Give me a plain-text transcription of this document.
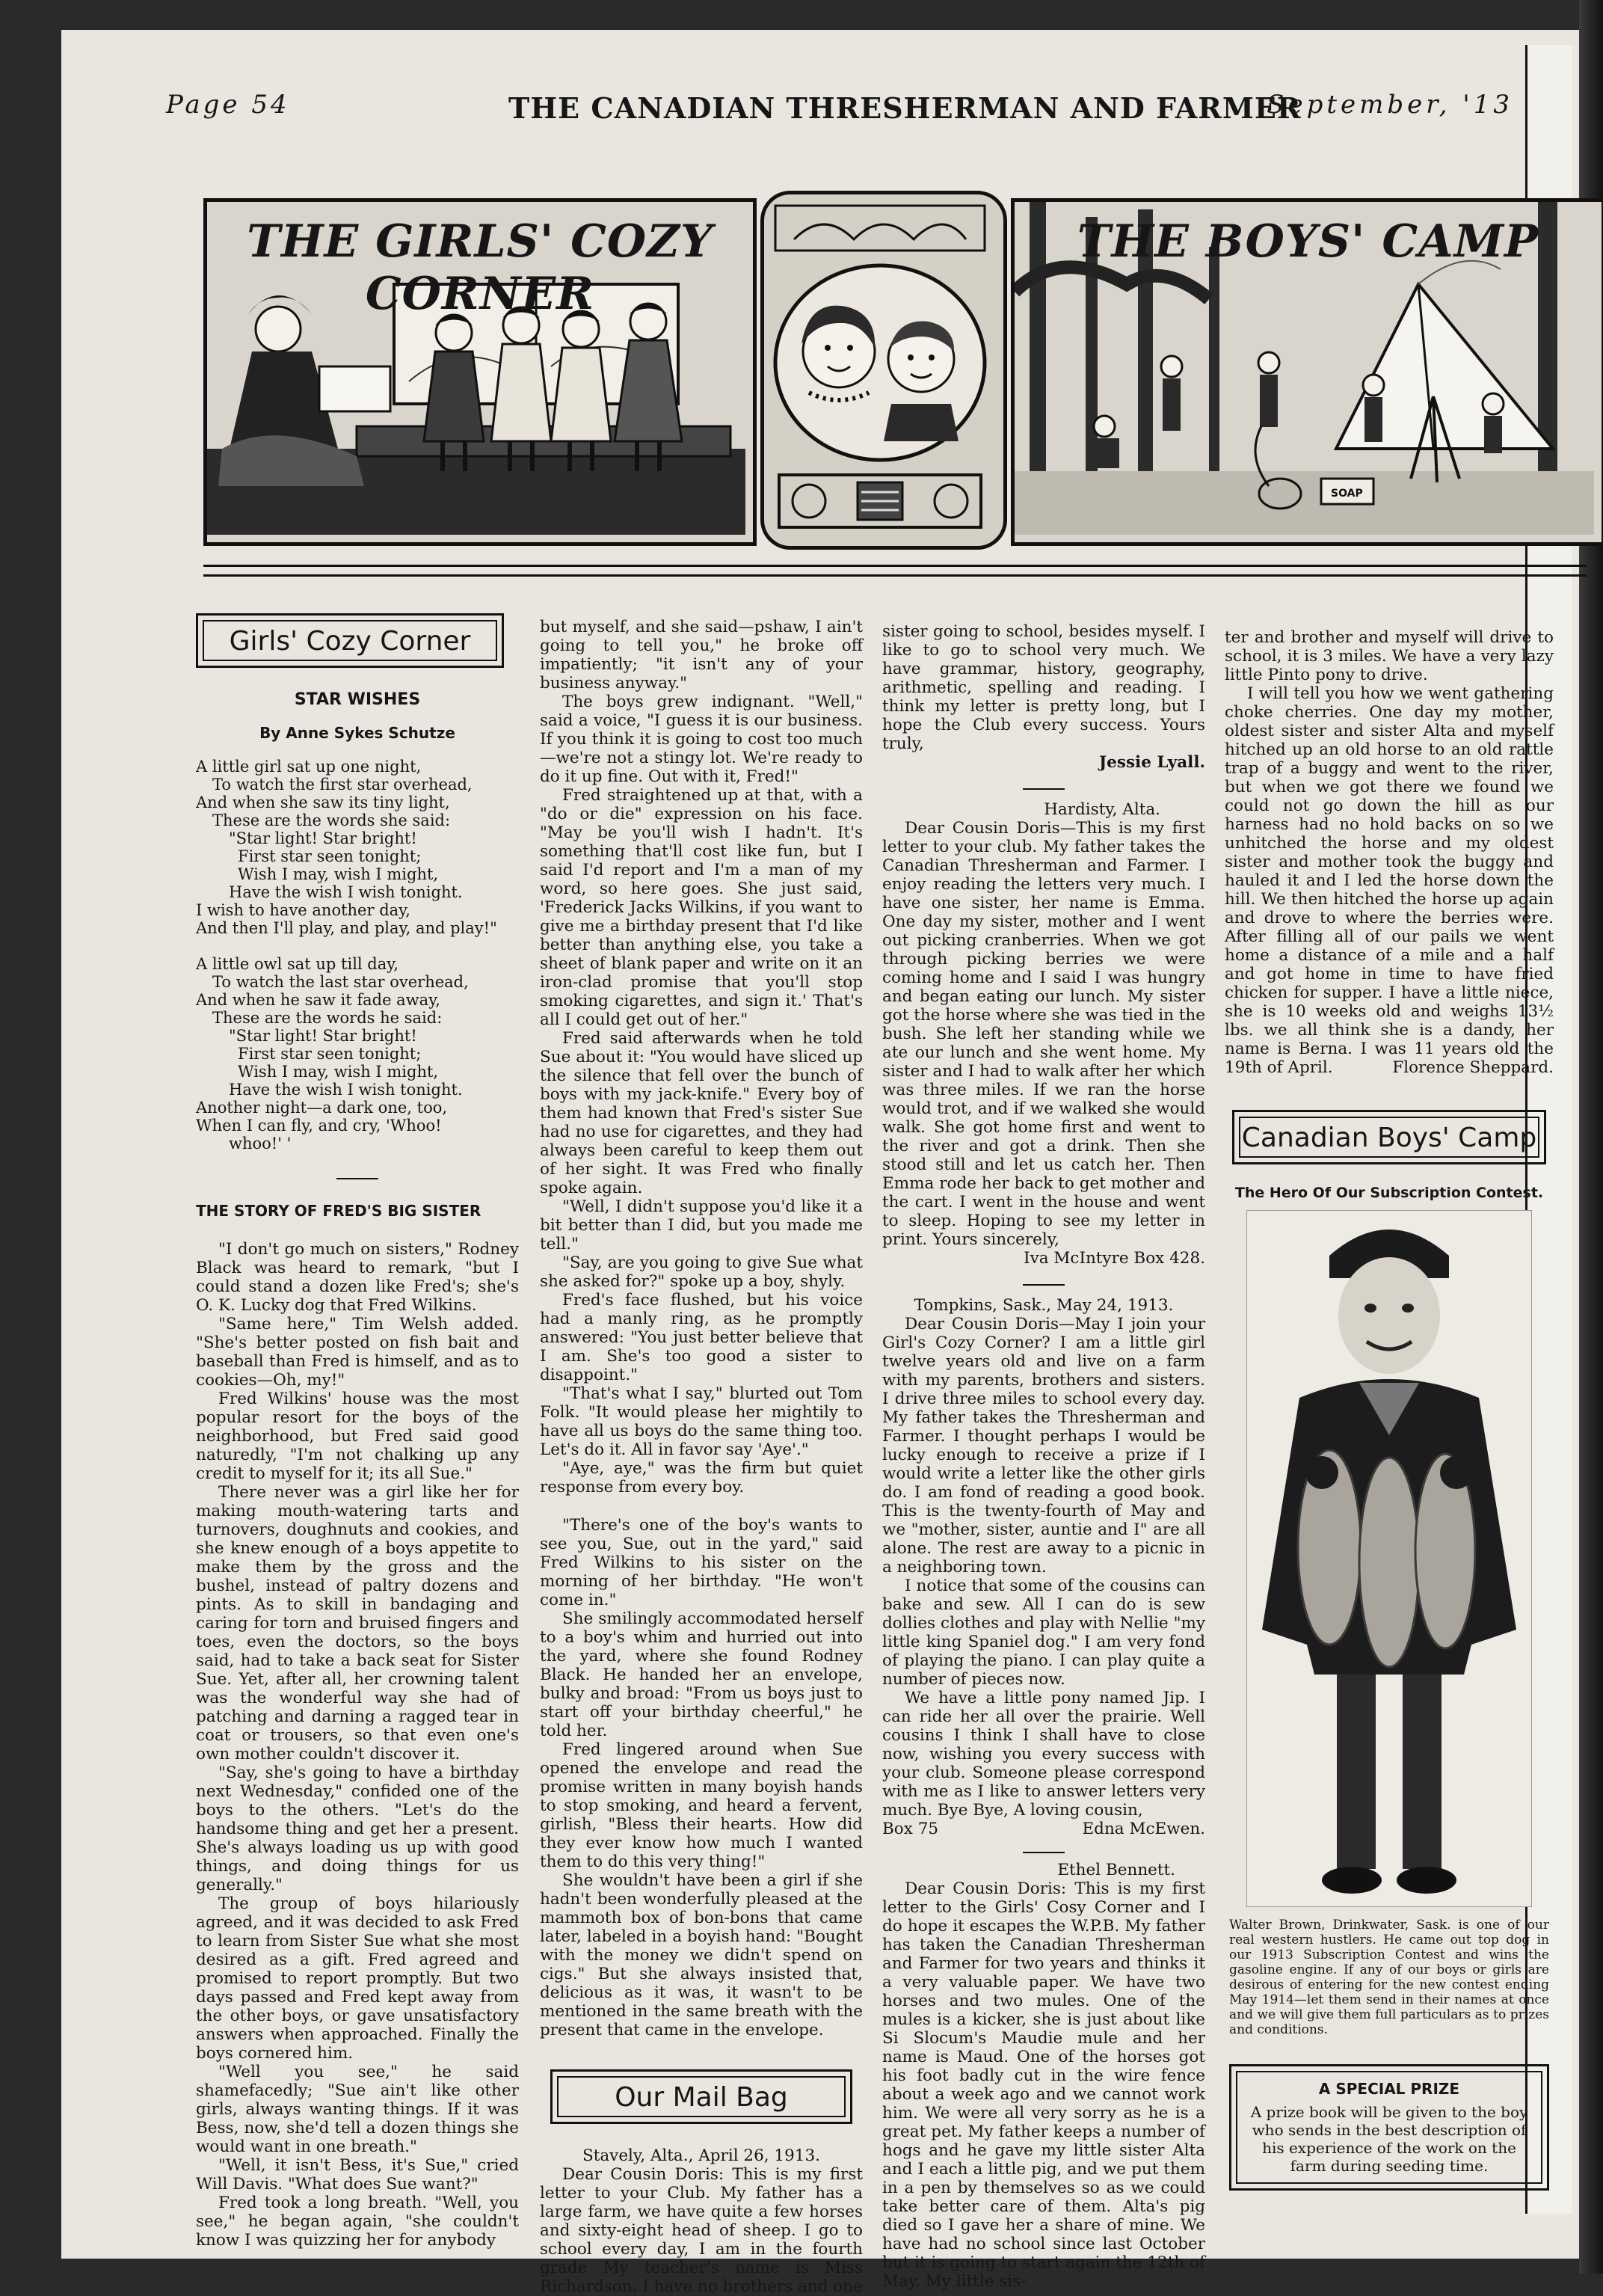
Page 54	THE CANADIAN THRESHERMAN AND FARMER
September, '13
THE GIRLS' COZY CORNER
THE BOYS' CAMP
SOAP
Girls' Cozy Corner
STAR WISHES
By Anne Sykes Schutze
A little girl sat up one night,
To watch the first star overhead,
And when she saw its tiny light,
These are the words she said:
"Star light! Star bright!
First star seen tonight;
Wish I may, wish I might,
Have the wish I wish tonight.
I wish to have another day,
And then I'll play, and play, and play!"
A little owl sat up till day,
To watch the last star overhead,
And when he saw it fade away,
These are the words he said:
"Star light! Star bright!
First star seen tonight;
Wish I may, wish I might,
Have the wish I wish tonight.
Another night—a dark one, too,
When I can fly, and cry, 'Whoo!
whoo!' '
THE STORY OF FRED'S BIG SISTER

"I don't go much on sisters," Rodney Black was heard to remark, "but I could stand a dozen like Fred's; she's O. K. Lucky dog that Fred Wilkins.

"Same here," Tim Welsh added. "She's better posted on fish bait and baseball than Fred is himself, and as to cookies—Oh, my!"

Fred Wilkins' house was the most popular resort for the boys of the neighborhood, but Fred said good naturedly, "I'm not chalking up any credit to myself for it; its all Sue."

There never was a girl like her for making mouth-watering tarts and turnovers, doughnuts and cookies, and she knew enough of a boys appetite to make them by the gross and the bushel, instead of paltry dozens and pints. As to skill in bandaging and caring for torn and bruised fingers and toes, even the doctors, so the boys said, had to take a back seat for Sister Sue. Yet, after all, her crowning talent was the wonderful way she had of patching and darning a ragged tear in coat or trousers, so that even one's own mother couldn't discover it.

"Say, she's going to have a birthday next Wednesday," confided one of the boys to the others. "Let's do the handsome thing and get her a present. She's always loading us up with good things, and doing things for us generally."

The group of boys hilariously agreed, and it was decided to ask Fred to learn from Sister Sue what she most desired as a gift. Fred agreed and promised to report promptly. But two days passed and Fred kept away from the other boys, or gave unsatisfactory answers when approached. Finally the boys cornered him.

"Well you see," he said shamefacedly; "Sue ain't like other girls, always wanting things. If it was Bess, now, she'd tell a dozen things she would want in one breath."

"Well, it isn't Bess, it's Sue," cried Will Davis. "What does Sue want?"

Fred took a long breath. "Well, you see," he began again, "she couldn't know I was quizzing her for anybody

but myself, and she said—pshaw, I ain't going to tell you," he broke off impatiently; "it isn't any of your business anyway."

The boys grew indignant. "Well," said a voice, "I guess it is our business. If you think it is going to cost too much—we're not a stingy lot. We're ready to do it up fine. Out with it, Fred!"

Fred straightened up at that, with a "do or die" expression on his face. "May be you'll wish I hadn't. It's something that'll cost like fun, but I said I'd report and I'm a man of my word, so here goes. She just said, 'Frederick Jacks Wilkins, if you want to give me a birthday present that I'd like better than anything else, you take a sheet of blank paper and write on it an iron-clad promise that you'll stop smoking cigarettes, and sign it.' That's all I could get out of her."

Fred said afterwards when he told Sue about it: "You would have sliced up the silence that fell over the bunch of boys with my jack-knife." Every boy of them had known that Fred's sister Sue had no use for cigarettes, and they had always been careful to keep them out of her sight. It was Fred who finally spoke again.

"Well, I didn't suppose you'd like it a bit better than I did, but you made me tell."

"Say, are you going to give Sue what she asked for?" spoke up a boy, shyly.

Fred's face flushed, but his voice had a manly ring, as he promptly answered: "You just better believe that I am. She's too good a sister to disappoint."

"That's what I say," blurted out Tom Folk. "It would please her mightily to have all us boys do the same thing too. Let's do it. All in favor say 'Aye'."

"Aye, aye," was the firm but quiet response from every boy.

"There's one of the boy's wants to see you, Sue, out in the yard," said Fred Wilkins to his sister on the morning of her birthday. "He won't come in."

She smilingly accommodated herself to a boy's whim and hurried out into the yard, where she found Rodney Black. He handed her an envelope, bulky and broad: "From us boys just to start off your birthday cheerful," he told her.

Fred lingered around when Sue opened the envelope and read the promise written in many boyish hands to stop smoking, and heard a fervent, girlish, "Bless their hearts. How did they ever know how much I wanted them to do this very thing!"

She wouldn't have been a girl if she hadn't been wonderfully pleased at the mammoth box of bon-bons that came later, labeled in a boyish hand: "Bought with the money we didn't spend on cigs." But she always insisted that, delicious as it was, it wasn't to be mentioned in the same breath with the present that came in the envelope.

Our Mail Bag

Stavely, Alta., April 26, 1913.

Dear Cousin Doris: This is my first letter to your Club. My father has a large farm, we have quite a few horses and sixty-eight head of sheep. I go to school every day, I am in the fourth grade My teacher's name is Miss Richardson. I have no brothers and one

sister going to school, besides myself. I like to go to school very much. We have grammar, history, geography, arithmetic, spelling and reading. I think my letter is pretty long, but I hope the Club every success. Yours truly,

Jessie Lyall.

Hardisty, Alta.

Dear Cousin Doris—This is my first letter to your club. My father takes the Canadian Thresherman and Farmer. I enjoy reading the letters very much. I have one sister, her name is Emma. One day my sister, mother and I went out picking cranberries. When we got through picking berries we were coming home and I said I was hungry and began eating our lunch. My sister got the horse where she was tied in the bush. She left her standing while we ate our lunch and she went home. My sister and I had to walk after her which was three miles. If we ran the horse would trot, and if we walked she would walk. She got home first and went to the river and got a drink. Then she stood still and let us catch her. Then Emma rode her back to get mother and the cart. I went in the house and went to sleep. Hoping to see my letter in print. Yours sincerely,

Iva McIntyre Box 428.

Tompkins, Sask., May 24, 1913.

Dear Cousin Doris—May I join your Girl's Cozy Corner? I am a little girl twelve years old and live on a farm with my parents, brothers and sisters. I drive three miles to school every day. My father takes the Thresherman and Farmer. I thought perhaps I would be lucky enough to receive a prize if I would write a letter like the other girls do. I am fond of reading a good book. This is the twenty-fourth of May and we "mother, sister, auntie and I" are all alone. The rest are away to a picnic in a neighboring town.

I notice that some of the cousins can bake and sew. All I can do is sew dollies clothes and play with Nellie "my little king Spaniel dog." I am very fond of playing the piano. I can play quite a number of pieces now.

We have a little pony named Jip. I can ride her all over the prairie. Well cousins I think I shall have to close now, wishing you every success with your club. Someone please correspond with me as I like to answer letters very much. Bye Bye, A loving cousin,

Box 75	Edna McEwen.

Ethel Bennett.

Dear Cousin Doris: This is my first letter to the Girls' Cosy Corner and I do hope it escapes the W.P.B. My father has taken the Canadian Thresherman and Farmer for two years and thinks it a very valuable paper. We have two horses and two mules. One of the mules is a kicker, she is just about like Si Slocum's Maudie mule and her name is Maud. One of the horses got his foot badly cut in the wire fence about a week ago and we cannot work him. We were all very sorry as he is a great pet. My father keeps a number of hogs and he gave my little sister Alta and I each a little pig, and we put them in a pen by themselves so as we could take better care of them. Alta's pig died so I gave her a share of mine. We have had no school since last October but it is going to start again the 12th of May. My little sis-

ter and brother and myself will drive to school, it is 3 miles. We have a very lazy little Pinto pony to drive.

I will tell you how we went gathering choke cherries. One day my mother, oldest sister and sister Alta and myself hitched up an old horse to an old rattle trap of a buggy and went to the river, but when we got there we found we could not go down the hill as our harness had no hold backs on so we unhitched the horse and my oldest sister and mother took the buggy and hauled it and I led the horse down the hill. We then hitched the horse up again and drove to where the berries were. After filling all of our pails we went home a distance of a mile and a half and got home in time to have fried chicken for supper. I have a little niece, she is 10 weeks old and weighs 13½ lbs. we all think she is a dandy, her name is Berna. I was 11 years old the 19th of April.	Florence Sheppard.

Canadian Boys' Camp
The Hero Of Our Subscription Contest.
Walter Brown, Drinkwater, Sask. is one of our real western hustlers. He came out top dog in our 1913 Subscription Contest and wins the gasoline engine. If any of our boys or girls are desirous of entering for the new contest ending May 1914—let them send in their names at once and we will give them full particulars as to prizes and conditions.
A SPECIAL PRIZE
A prize book will be given to the boy who sends in the best description of his experience of the work on the farm during seeding time.
